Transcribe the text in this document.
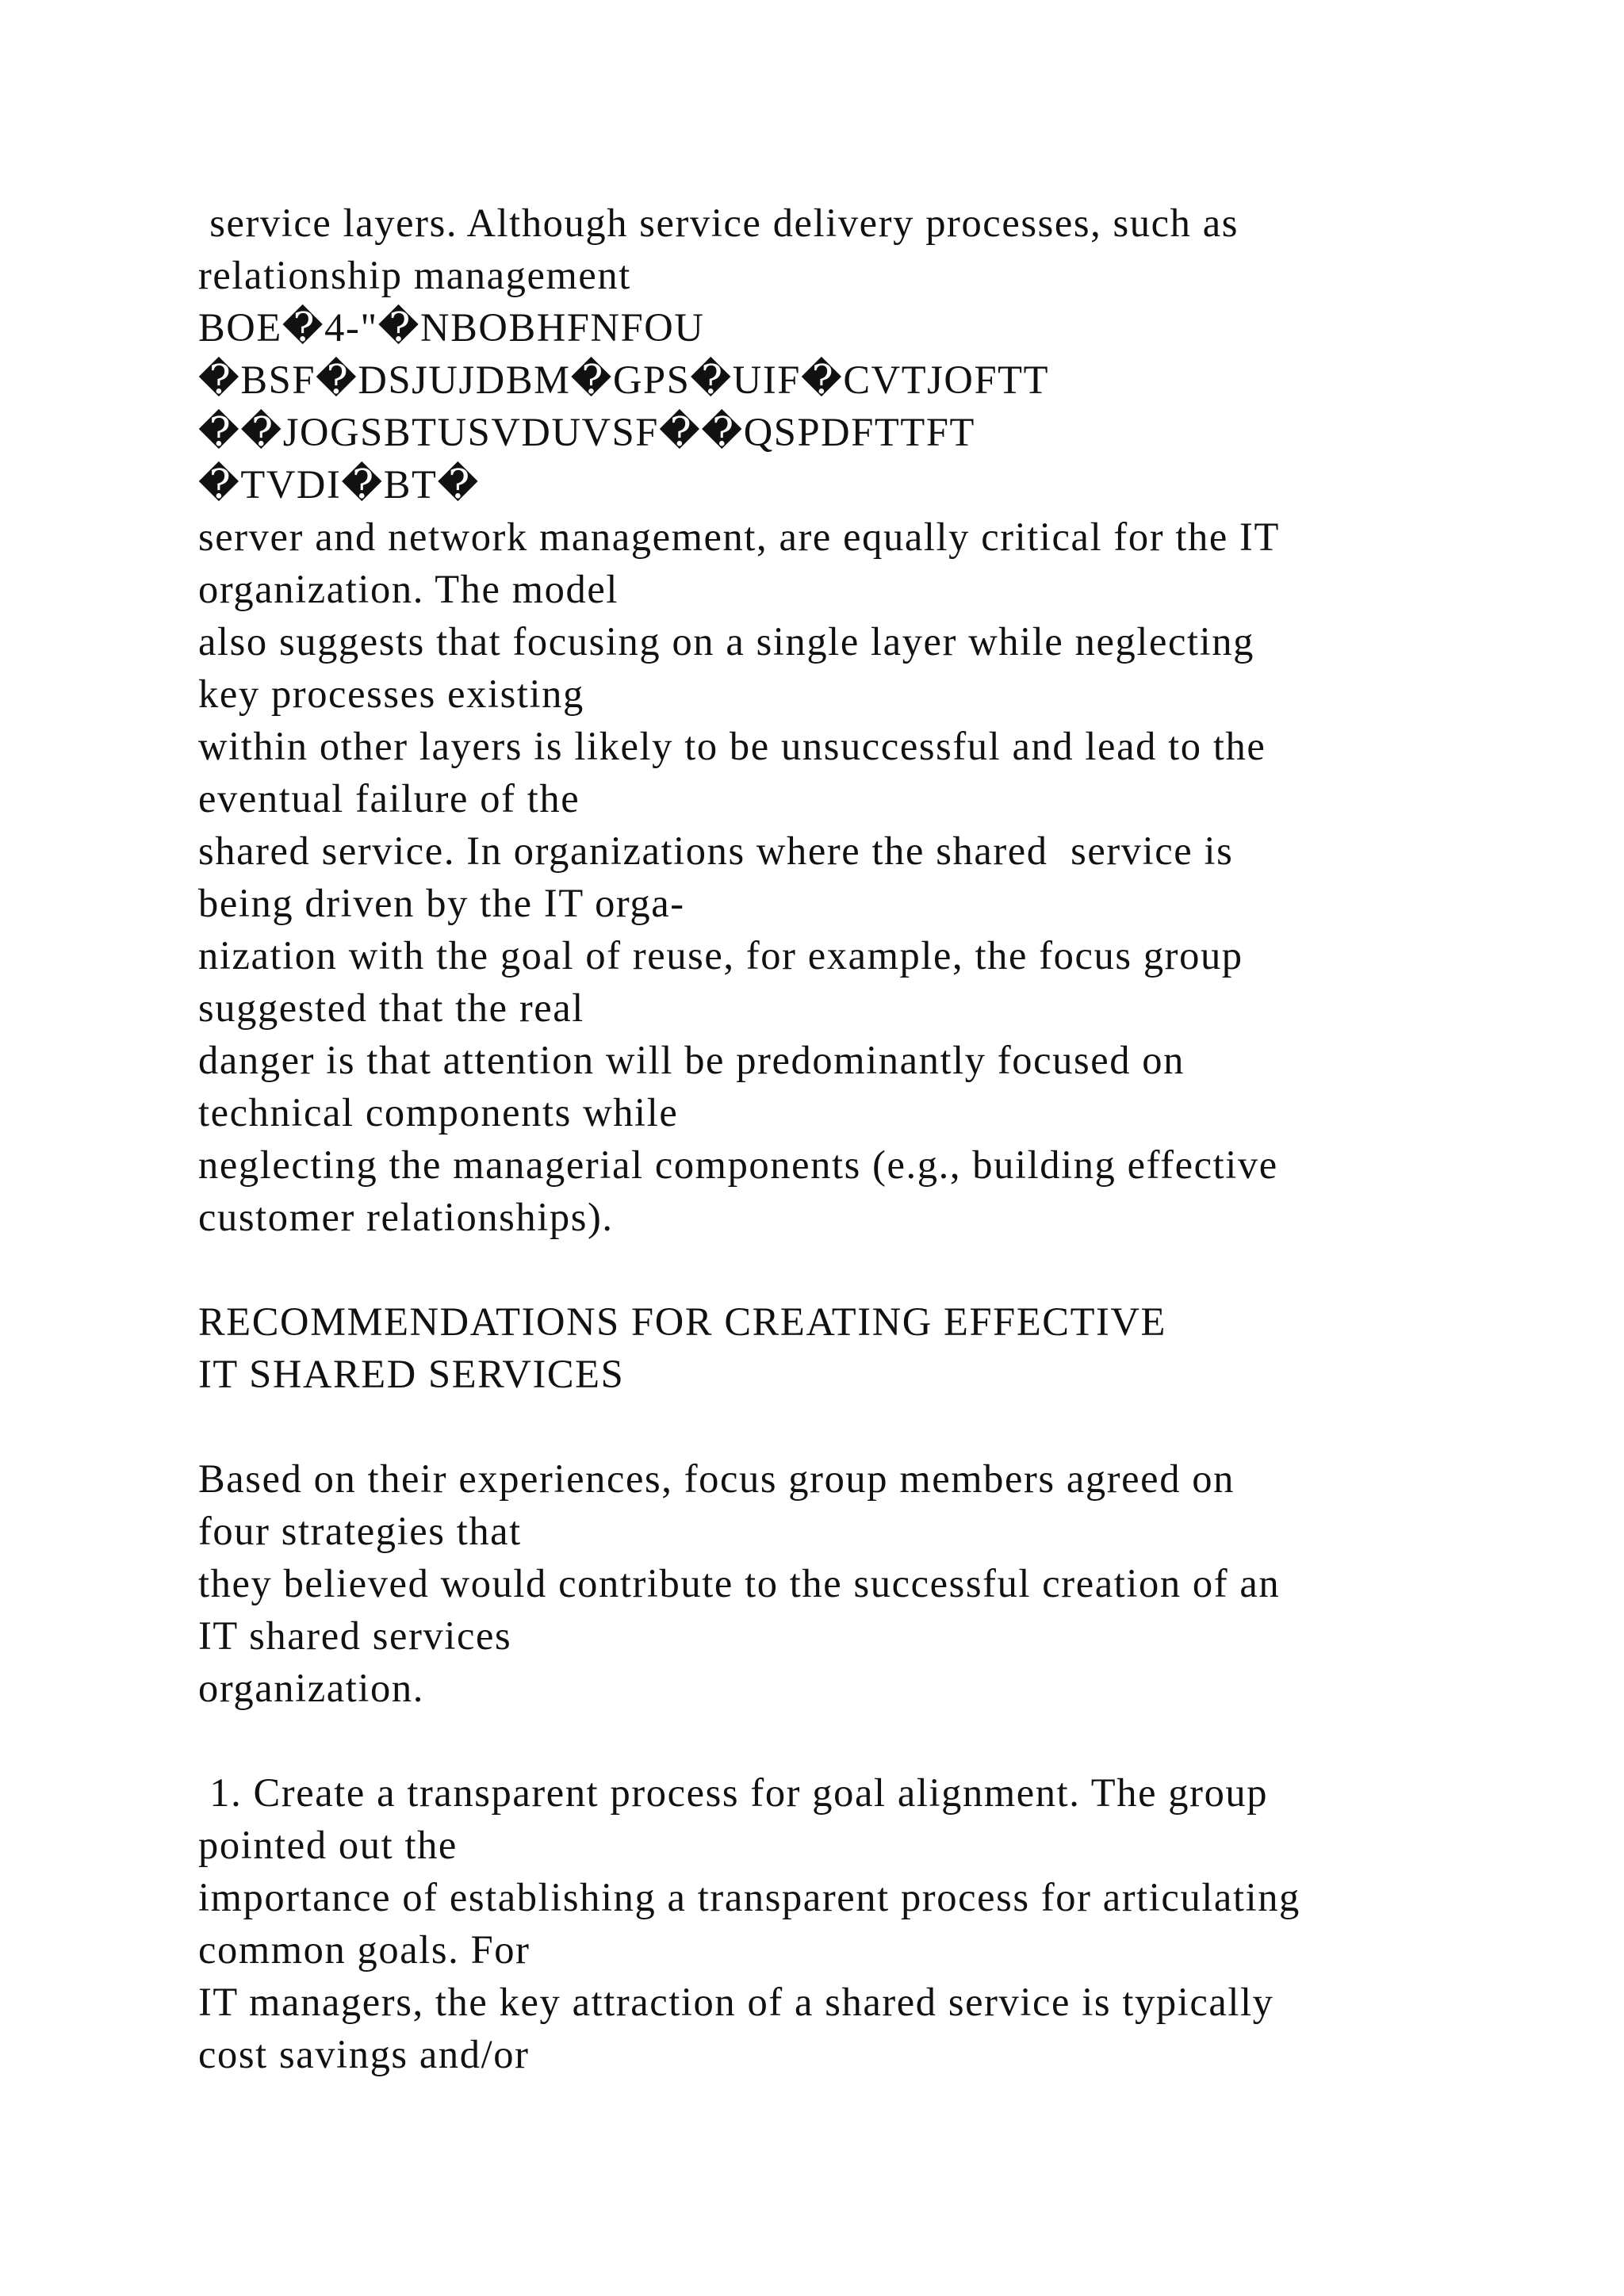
service layers. Although service delivery processes, such as
relationship management
BOE�4-"�NBOBHFNFOU
�BSF�DSJUJDBM�GPS�UIF�CVTJOFTT
��JOGSBTUSVDUVSF��QSPDFTTFT
�TVDI�BT�
server and network management, are equally critical for the IT
organization. The model
also suggests that focusing on a single layer while neglecting
key processes existing
within other layers is likely to be unsuccessful and lead to the
eventual failure of the
shared service. In organizations where the shared  service is
being driven by the IT orga-
nization with the goal of reuse, for example, the focus group
suggested that the real
danger is that attention will be predominantly focused on
technical components while
neglecting the managerial components (e.g., building effective
customer relationships).
RECOMMENDATIONS FOR CREATING EFFECTIVE
IT SHARED SERVICES
Based on their experiences, focus group members agreed on
four strategies that
they believed would contribute to the successful creation of an
IT shared services
organization.
1. Create a transparent process for goal alignment. The group
pointed out the
importance of establishing a transparent process for articulating
common goals. For
IT managers, the key attraction of a shared service is typically
cost savings and/or
